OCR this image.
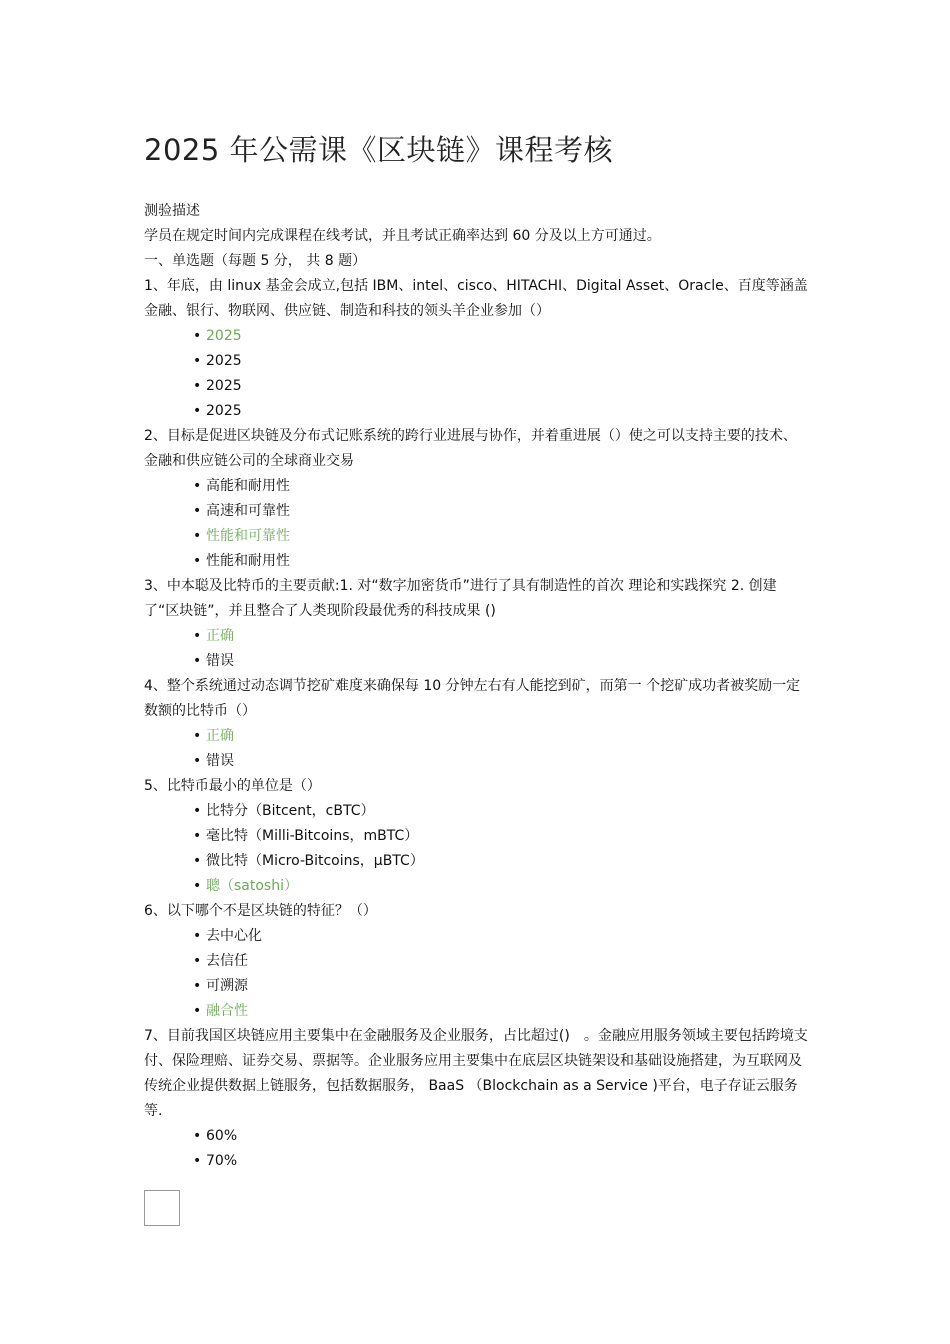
2025 年公需课《区块链》课程考核

测验描述

学员在规定时间内完成课程在线考试，并且考试正确率达到 60 分及以上方可通过。

一、单选题（每题 5 分， 共 8 题）

1、年底，由 linux 基金会成立,包括 IBM、intel、cisco、HITACHI、Digital Asset、Oracle、百度等涵盖金融、银行、物联网、供应链、制造和科技的领头羊企业参加（）

• 2025
• 2025
• 2025
• 2025

2、目标是促进区块链及分布式记账系统的跨行业进展与协作，并着重进展（）使之可以支持主要的技术、金融和供应链公司的全球商业交易

• 高能和耐用性
• 高速和可靠性
• 性能和可靠性
• 性能和耐用性

3、中本聪及比特币的主要贡献:1. 对“数字加密货币”进行了具有制造性的首次 理论和实践探究 2. 创建了“区块链”，并且整合了人类现阶段最优秀的科技成果 ()

• 正确
• 错误

4、整个系统通过动态调节挖矿难度来确保每 10 分钟左右有人能挖到矿，而第一 个挖矿成功者被奖励一定数额的比特币（）

• 正确
• 错误

5、比特币最小的单位是（）

• 比特分（Bitcent，cBTC）
• 毫比特（Milli-Bitcoins，mBTC）
• 微比特（Micro-Bitcoins，μBTC）
• 聰（satoshi）

6、以下哪个不是区块链的特征？（）

• 去中心化
• 去信任
• 可溯源
• 融合性

7、目前我国区块链应用主要集中在金融服务及企业服务，占比超过()　。金融应用服务领域主要包括跨境支付、保险理赔、证券交易、票据等。企业服务应用主要集中在底层区块链架设和基础设施搭建，为互联网及传统企业提供数据上链服务，包括数据服务， BaaS （Blockchain as a Service )平台，电子存证云服务等.

• 60%
• 70%
